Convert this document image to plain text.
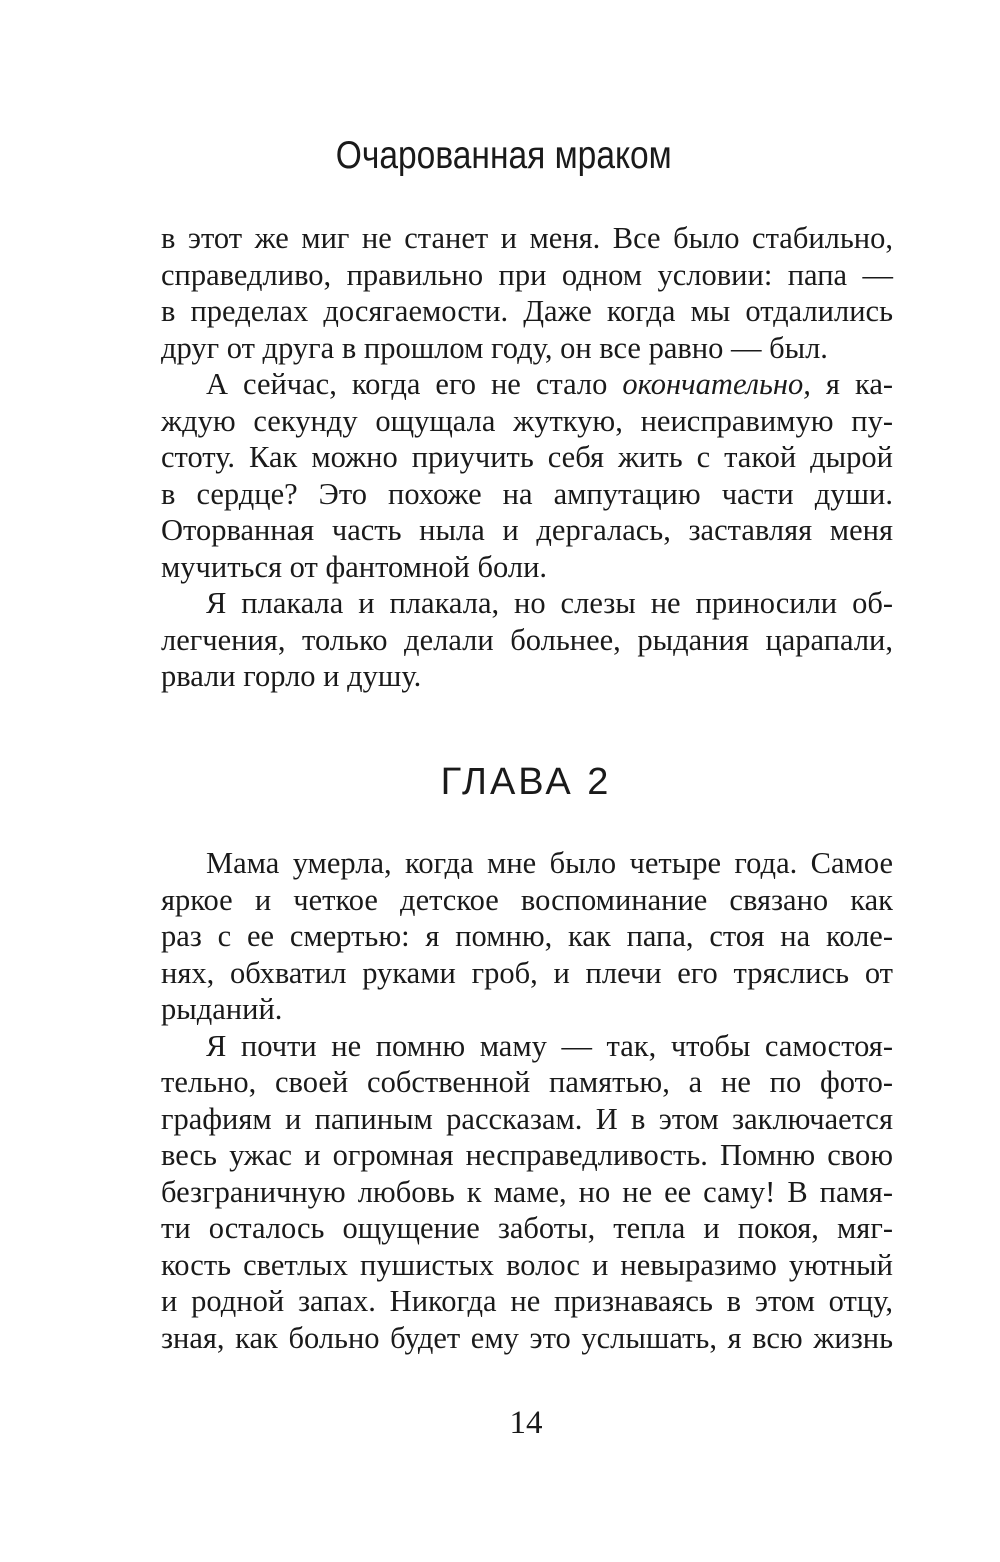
Очарованная мраком
в этот же миг не станет и меня. Все было стабильно,
справедливо, правильно при одном условии: папа —
в пределах досягаемости. Даже когда мы отдалились
друг от друга в прошлом году, он все равно — был.
А сейчас, когда его не стало окончательно, я ка-
ждую секунду ощущала жуткую, неисправимую пу-
стоту. Как можно приучить себя жить с такой дырой
в сердце? Это похоже на ампутацию части души.
Оторванная часть ныла и дергалась, заставляя меня
мучиться от фантомной боли.
Я плакала и плакала, но слезы не приносили об-
легчения, только делали больнее, рыдания царапали,
рвали горло и душу.
ГЛАВА 2
Мама умерла, когда мне было четыре года. Самое
яркое и четкое детское воспоминание связано как
раз с ее смертью: я помню, как папа, стоя на коле-
нях, обхватил руками гроб, и плечи его тряслись от
рыданий.
Я почти не помню маму — так, чтобы самостоя-
тельно, своей собственной памятью, а не по фото-
графиям и папиным рассказам. И в этом заключается
весь ужас и огромная несправедливость. Помню свою
безграничную любовь к маме, но не ее саму! В памя-
ти осталось ощущение заботы, тепла и покоя, мяг-
кость светлых пушистых волос и невыразимо уютный
и родной запах. Никогда не признаваясь в этом отцу,
зная, как больно будет ему это услышать, я всю жизнь
14
